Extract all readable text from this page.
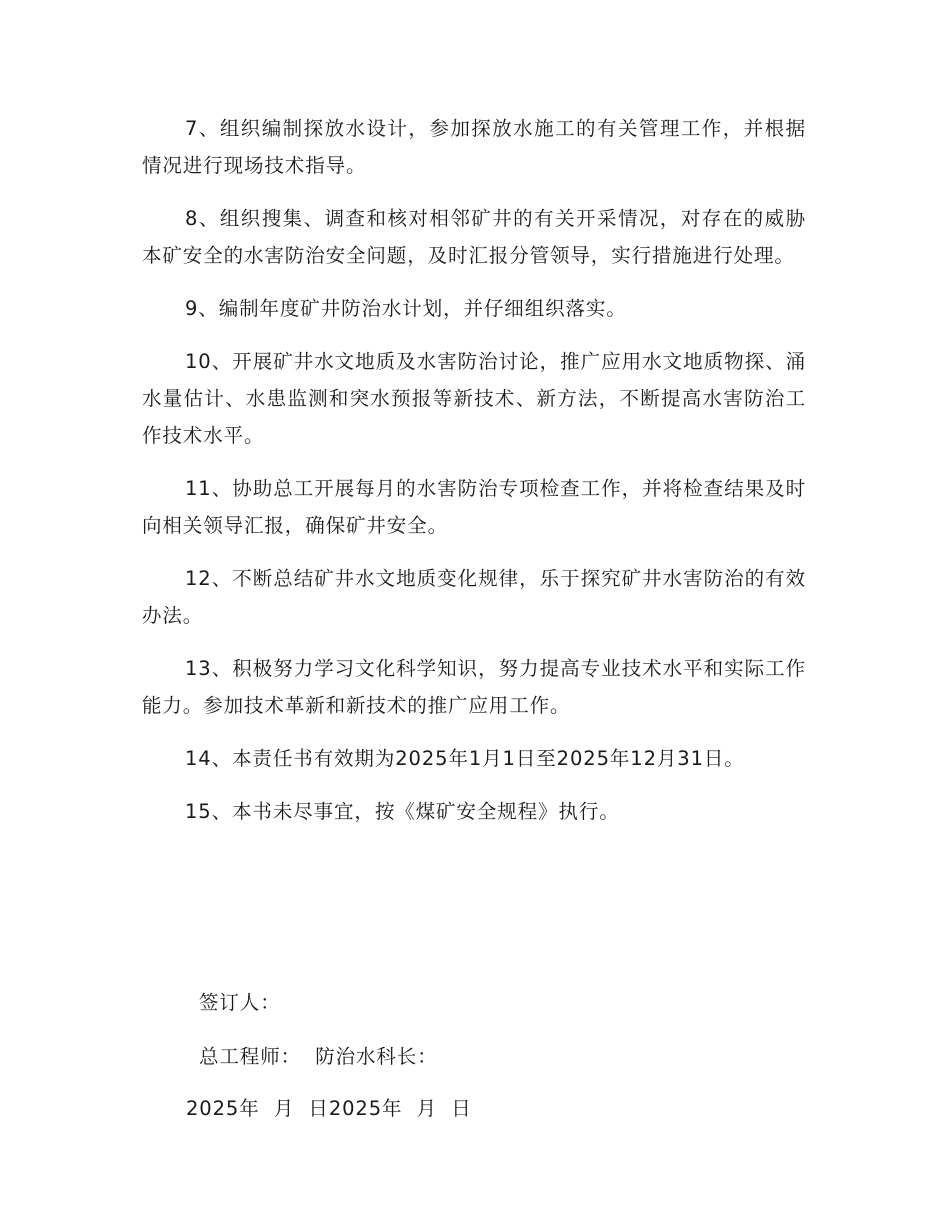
7、组织编制探放水设计，参加探放水施工的有关管理工作，并根据情况进行现场技术指导。

8、组织搜集、调查和核对相邻矿井的有关开采情况，对存在的威胁本矿安全的水害防治安全问题，及时汇报分管领导，实行措施进行处理。

9、编制年度矿井防治水计划，并仔细组织落实。

10、开展矿井水文地质及水害防治讨论，推广应用水文地质物探、涌水量估计、水患监测和突水预报等新技术、新方法，不断提高水害防治工作技术水平。

11、协助总工开展每月的水害防治专项检查工作，并将检查结果及时向相关领导汇报，确保矿井安全。

12、不断总结矿井水文地质变化规律，乐于探究矿井水害防治的有效办法。

13、积极努力学习文化科学知识，努力提高专业技术水平和实际工作能力。参加技术革新和新技术的推广应用工作。

14、本责任书有效期为2025年1月1日至2025年12月31日。

15、本书未尽事宜，按《煤矿安全规程》执行。

签订人：
总工程师：  防治水科长：
2025年  月  日2025年  月  日
